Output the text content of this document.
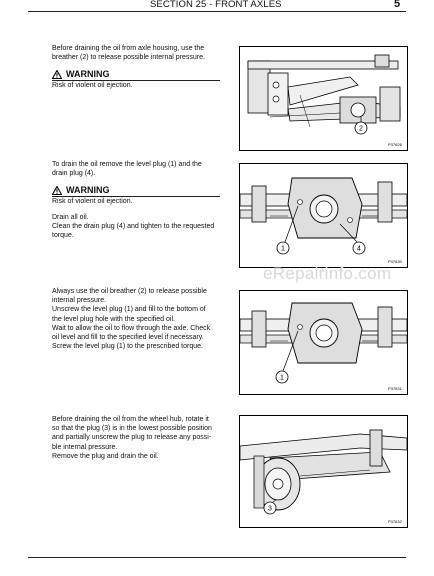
SECTION 25 - FRONT AXLES	5
Before draining the oil from axle housing, use the
breather (2) to release possible internal pressure.
WARNING
Risk of violent oil ejection.
2
P37626
To drain the oil remove the level plug (1) and the
drain plug (4).
WARNING
Risk of violent oil ejection.
Drain all oil.
Clean the drain plug (4) and tighten to the requested
torque.
1	4
P37630
eRepairinfo.com
Always use the oil breather (2) to release possible
internal pressure.
Unscrew the level plug (1) and fill to the bottom of
the level plug hole with the specified oil.
Wait to allow the oil to flow through the axle. Check
oil level and fill to the specified level if necessary.
Screw the level plug (1) to the prescribed torque.
1
P37631
Before draining the oil from the wheel hub, rotate it
so that the plug (3) is in the lowest possible position
and partially unscrew the plug to release any possi-
ble internal pressure.
Remove the plug and drain the oil.
3
P37632
